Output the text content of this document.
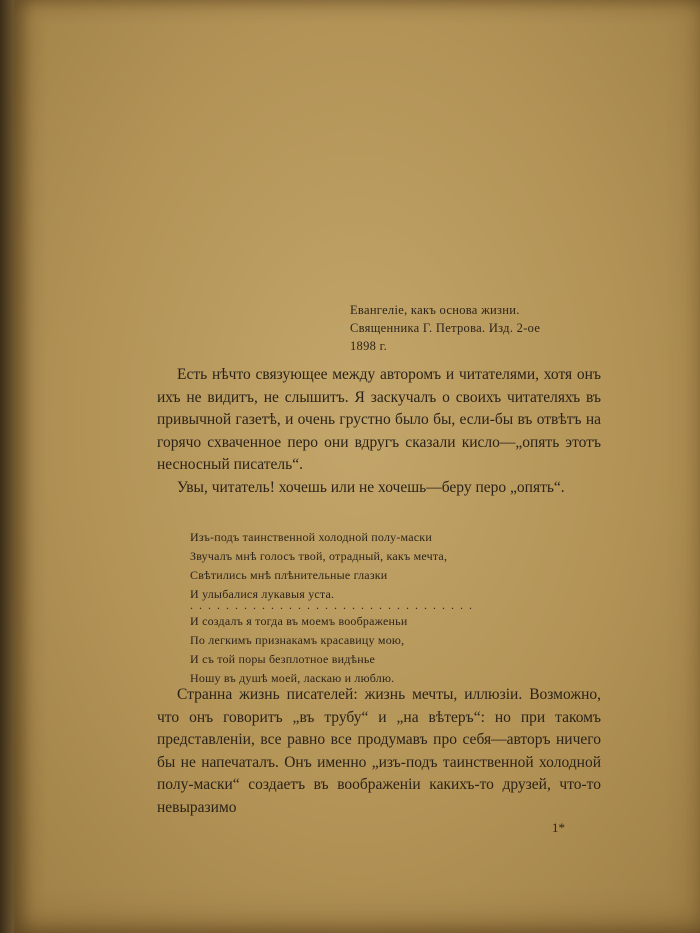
Евангелiе, какъ основа жизни.
Священника Г. Петрова. Изд. 2-ое
1898 г.

Есть нѣчто связующее между авторомъ и читателями, хотя онъ ихъ не видитъ, не слышитъ. Я заскучалъ о своихъ читателяхъ въ привычной газетѣ, и очень грустно было бы, если-бы въ отвѣтъ на горячо схваченное перо они вдругъ сказали кисло—„опять этотъ несносный писатель“.

Увы, читатель! хочешь или не хочешь—беру перо „опять“.

Изъ-подъ таинственной холодной полу-маски
Звучалъ мнѣ голосъ твой, отрадный, какъ мечта,
Свѣтились мнѣ плѣнительные глазки
И улыбалися лукавыя уста.
................................
И создалъ я тогда въ моемъ воображеньи
По легкимъ признакамъ красавицу мою,
И съ той поры безплотное видѣнье
Ношу въ душѣ моей, ласкаю и люблю.

Странна жизнь писателей: жизнь мечты, иллюзiи. Возможно, что онъ говоритъ „въ трубу“ и „на вѣтеръ“: но при такомъ представленiи, все равно все продумавъ про себя—авторъ ничего бы не напечаталъ. Онъ именно „изъ-подъ таинственной холодной полу-маски“ создаетъ въ воображенiи какихъ-то друзей, что-то невыразимо

1*
